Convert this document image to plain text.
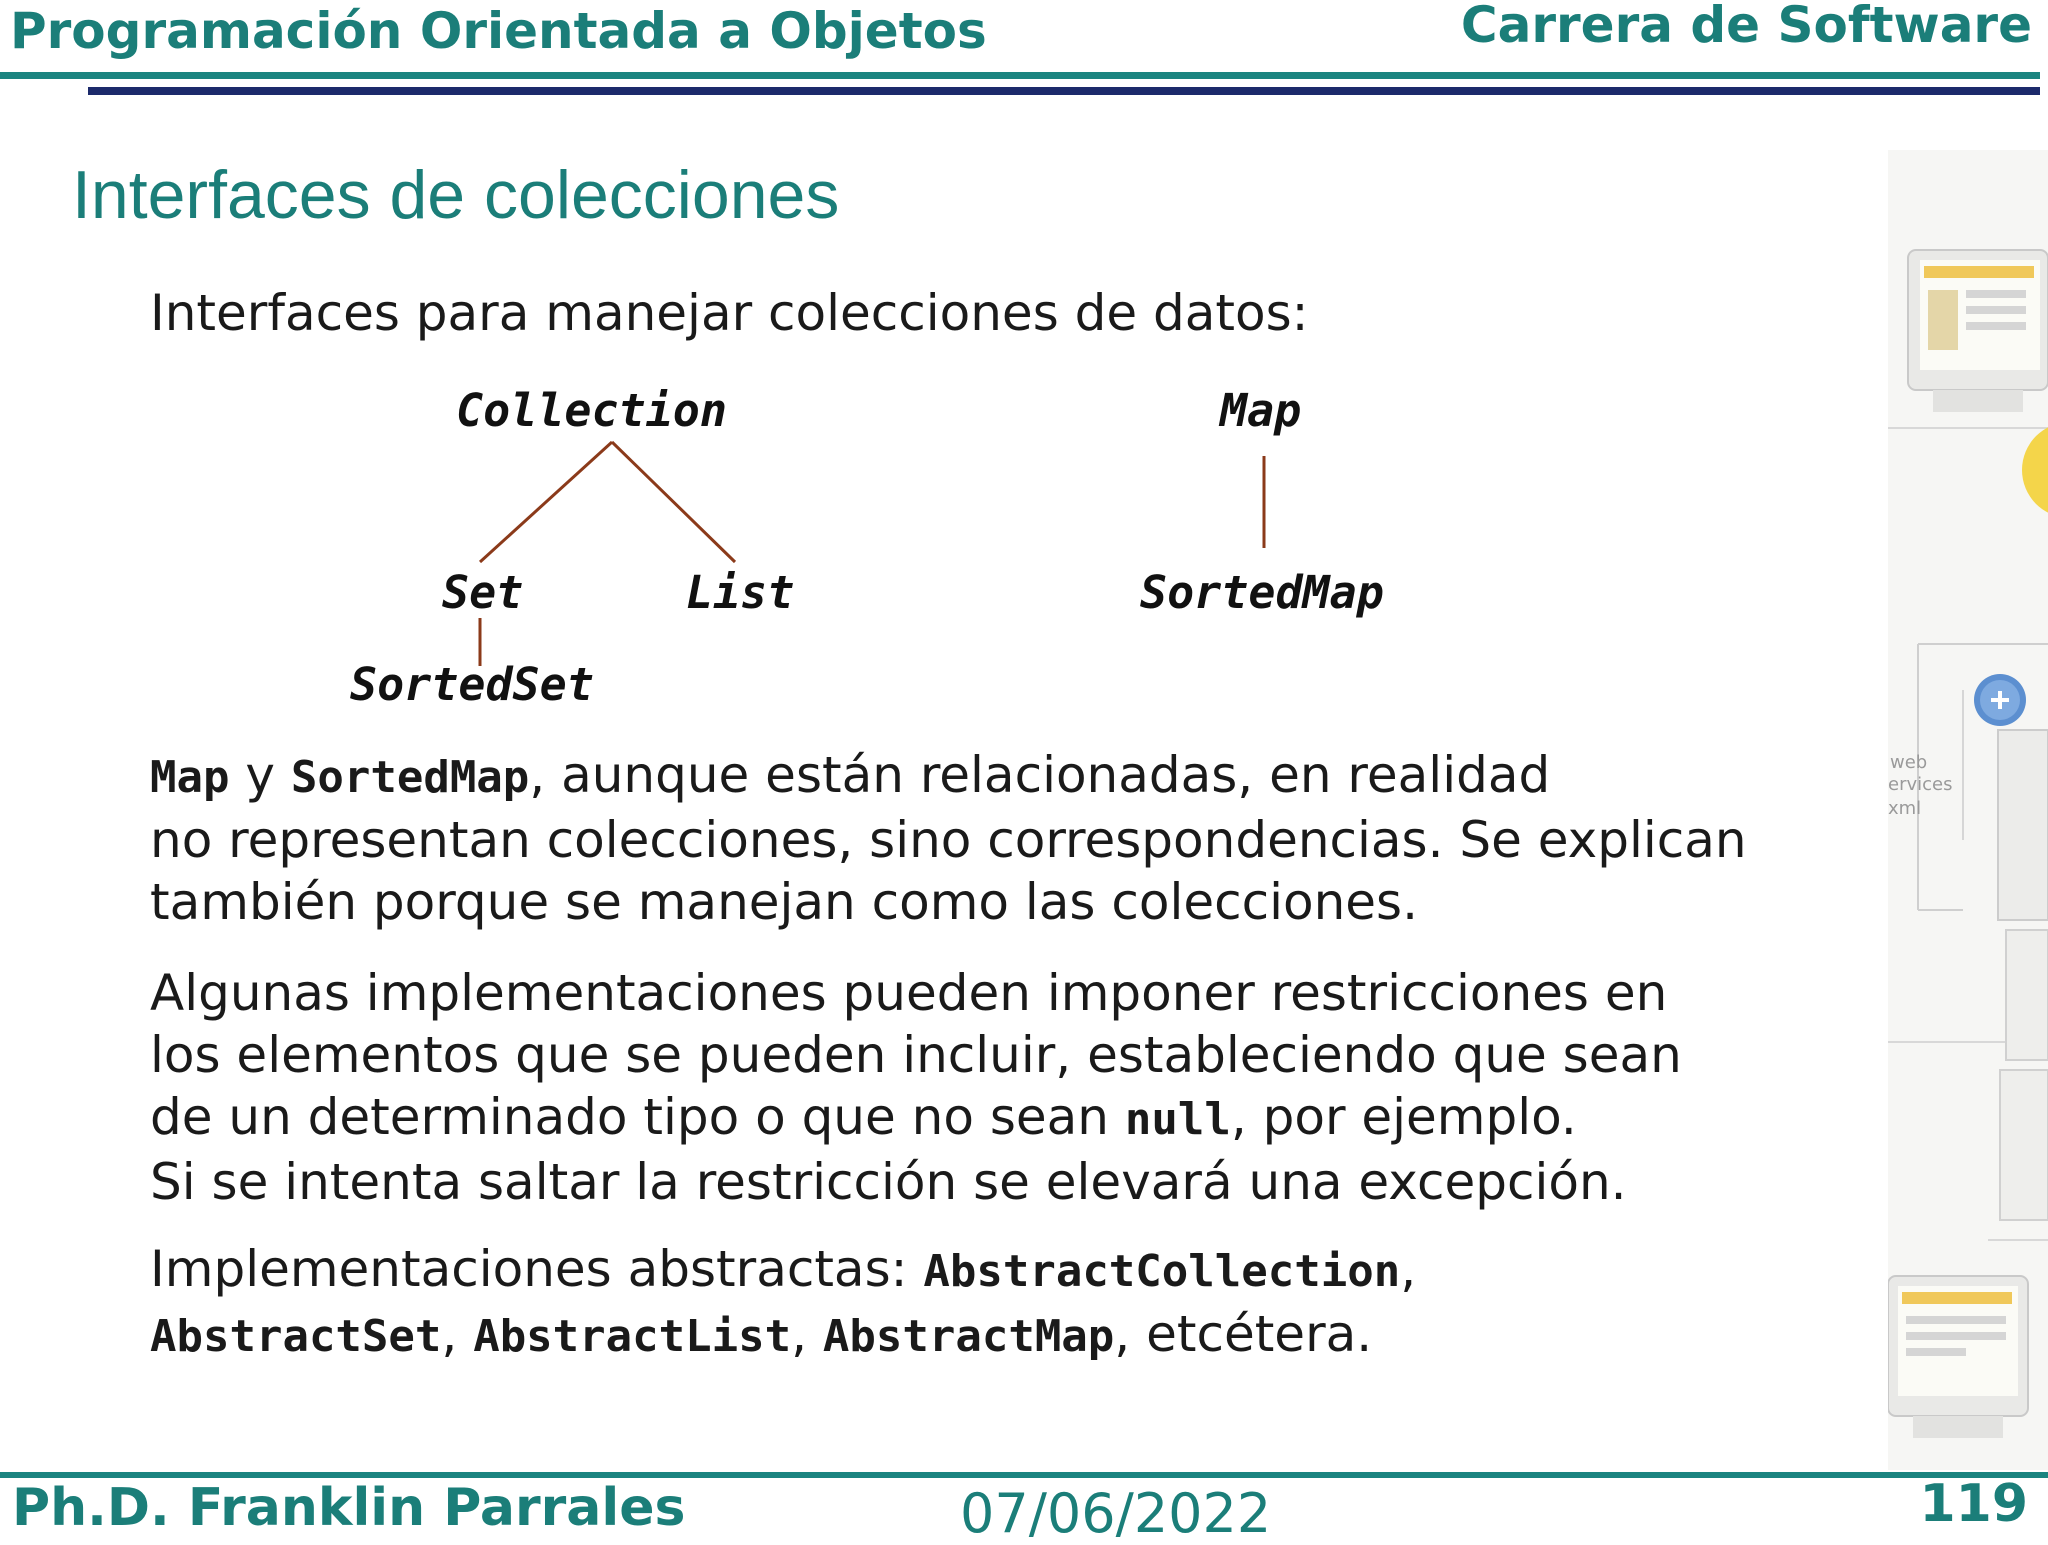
Programación Orientada a Objetos	Carrera de Software
Interfaces de colecciones
Interfaces para manejar colecciones de datos:
Collection
Set	List
SortedSet
Map
SortedMap
Map y SortedMap, aunque están relacionadas, en realidad
no representan colecciones, sino correspondencias. Se explican
también porque se manejan como las colecciones.
Algunas implementaciones pueden imponer restricciones en
los elementos que se pueden incluir, estableciendo que sean
de un determinado tipo o que no sean null, por ejemplo.
Si se intenta saltar la restricción se elevará una excepción.
Implementaciones abstractas: AbstractCollection,
AbstractSet, AbstractList, AbstractMap, etcétera.
web
ervices
xml
Ph.D. Franklin Parrales	07/06/2022	119
